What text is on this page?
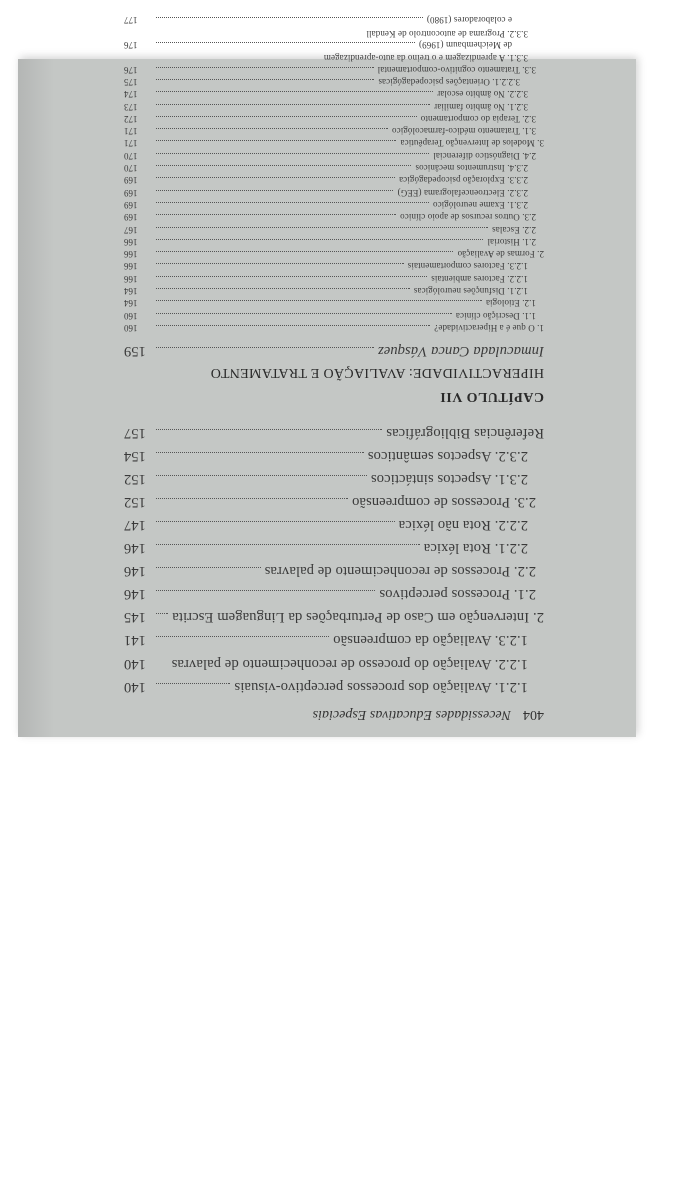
404
Necessidades Educativas Especiais
1.2.1. Avaliação dos processos perceptivo-visuais
140
1.2.2. Avaliação do processo de reconhecimento de palavras
140
1.2.3. Avaliação da compreensão
141
2. Intervenção em Caso de Perturbações da Linguagem Escrita
145
2.1. Processos perceptivos
146
2.2. Processos de reconhecimento de palavras
146
2.2.1. Rota léxica
146
2.2.2. Rota não léxica
147
2.3. Processos de compreensão
152
2.3.1. Aspectos sintácticos
152
2.3.2. Aspectos semânticos
154
Referências Bibliográficas
157
CAPÍTULO VII
HIPERACTIVIDADE: AVALIAÇÃO E TRATAMENTO
Inmaculada Canca Vásquez
159
1. O que é a Hiperactividade?
160
1.1. Descrição clínica
160
1.2. Etiologia
164
1.2.1. Disfunções neurológicas
164
1.2.2. Factores ambientais
166
1.2.3. Factores comportamentais
166
2. Formas de Avaliação
166
2.1. Historial
166
2.2. Escalas
167
2.3. Outros recursos de apoio clínico
169
2.3.1. Exame neurológico
169
2.3.2. Electroencefalograma (EEG)
169
2.3.3. Exploração psicopedagógica
169
2.3.4. Instrumentos mecânicos
170
2.4. Diagnóstico diferencial
170
3. Modelos de Intervenção Terapêutica
171
3.1. Tratamento médico-farmacológico
171
3.2. Terapia do comportamento
172
3.2.1. No âmbito familiar
173
3.2.2. No âmbito escolar
174
3.2.2.1. Orientações psicopedagógicas
175
3.3. Tratamento cognitivo-comportamental
176
3.3.1. A aprendizagem e o treino da auto-aprendizagem
de Meichembaum (1969)
176
3.3.2. Programa de autocontrolo de Kendall
e colaboradores (1980)
177
